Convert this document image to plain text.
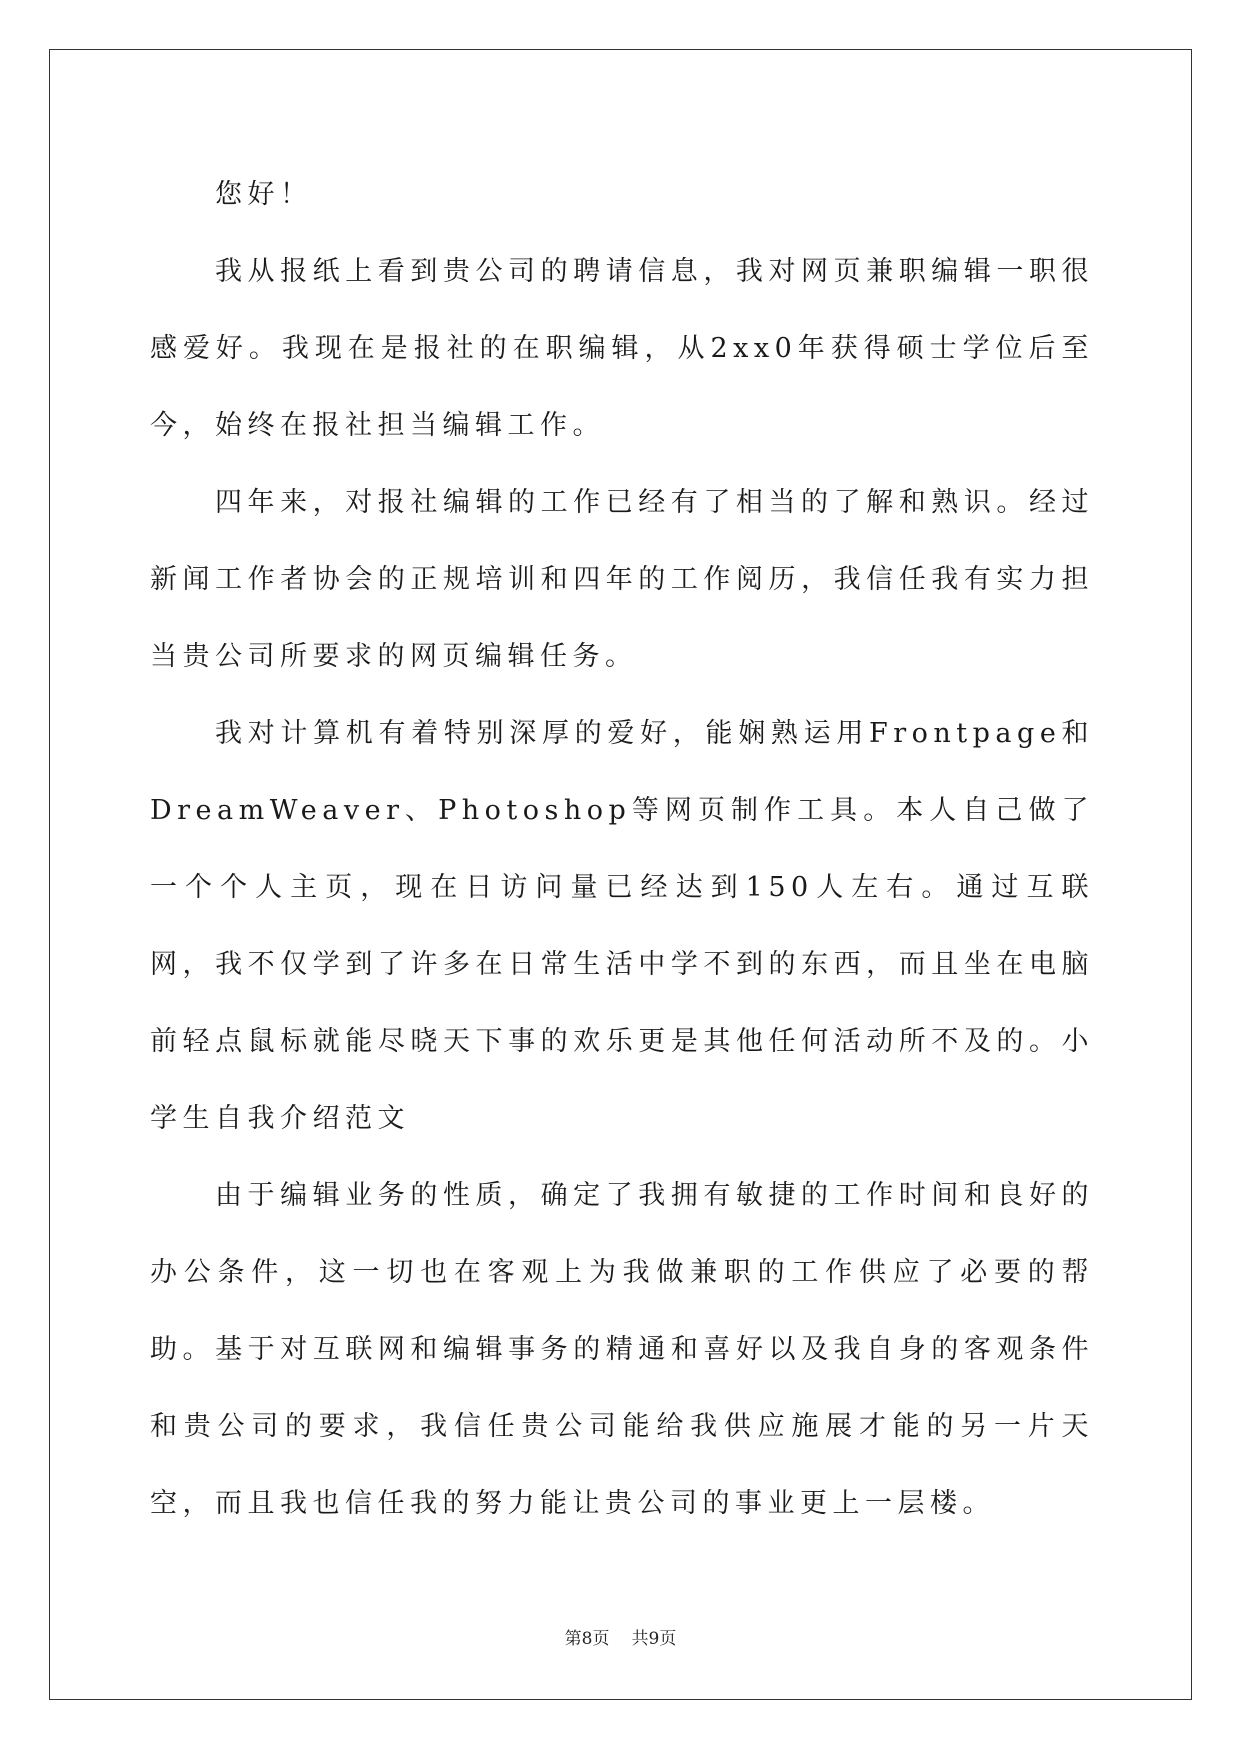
您好！

我从报纸上看到贵公司的聘请信息，我对网页兼职编辑一职很感爱好。我现在是报社的在职编辑，从2xx0年获得硕士学位后至今，始终在报社担当编辑工作。

四年来，对报社编辑的工作已经有了相当的了解和熟识。经过新闻工作者协会的正规培训和四年的工作阅历，我信任我有实力担当贵公司所要求的网页编辑任务。

我对计算机有着特别深厚的爱好，能娴熟运用Frontpage和DreamWeaver、Photoshop等网页制作工具。本人自己做了一个个人主页，现在日访问量已经达到150人左右。通过互联网，我不仅学到了许多在日常生活中学不到的东西，而且坐在电脑前轻点鼠标就能尽晓天下事的欢乐更是其他任何活动所不及的。小学生自我介绍范文

由于编辑业务的性质，确定了我拥有敏捷的工作时间和良好的办公条件，这一切也在客观上为我做兼职的工作供应了必要的帮助。基于对互联网和编辑事务的精通和喜好以及我自身的客观条件和贵公司的要求，我信任贵公司能给我供应施展才能的另一片天空，而且我也信任我的努力能让贵公司的事业更上一层楼。

第8页 共9页
